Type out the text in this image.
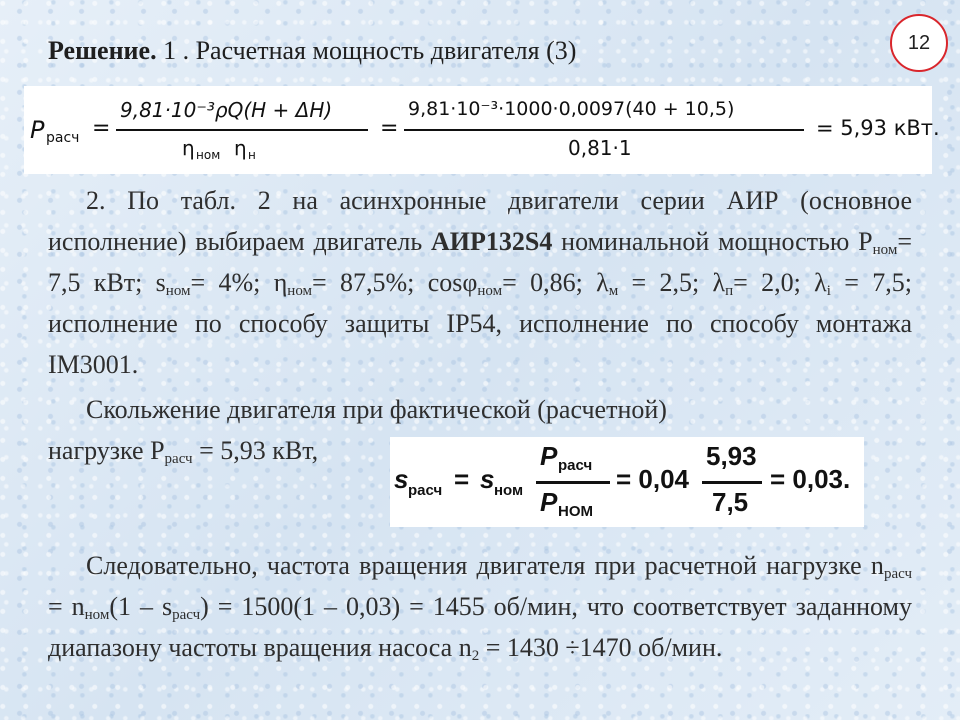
12
Решение. 1 . Расчетная мощность двигателя (3)
P расч =
9,81·10⁻³ρQ(H + ΔH)
η ном η н
=
9,81·10⁻³·1000·0,0097(40 + 10,5)
0,81·1
= 5,93 кВт.
2. По табл. 2 на асинхронные двигатели серии АИР (основное исполнение) выбираем двигатель АИР132S4 номинальной мощностью $Р_{ном}= 7,5$ кВт; $s_{ном}= 4\%$; $\eta_{ном}= 87,5\%$; cosφ$_{ном}$= 0,86; $\lambda_м = 2,5$; $\lambda_п= 2,0$; $\lambda_i = 7,5$; исполнение по способу защиты IP54, исполнение по способу монтажа IM3001.
Скольжение двигателя при фактической (расчетной)
нагрузке $Р_{расч} = 5,93$ кВт,
s расч = s ном
P расч
P НОМ
= 0,04
5,93
7,5
= 0,03.
Следовательно, частота вращения двигателя при расчетной нагрузке $n_{расч} = n_{ном}(1 - s_{расч}) = 1500(1 - 0,03) = 1455$ об/мин, что соответствует заданному диапазону частоты вращения насоса $n_2 = 1430 \div 1470$ об/мин.
